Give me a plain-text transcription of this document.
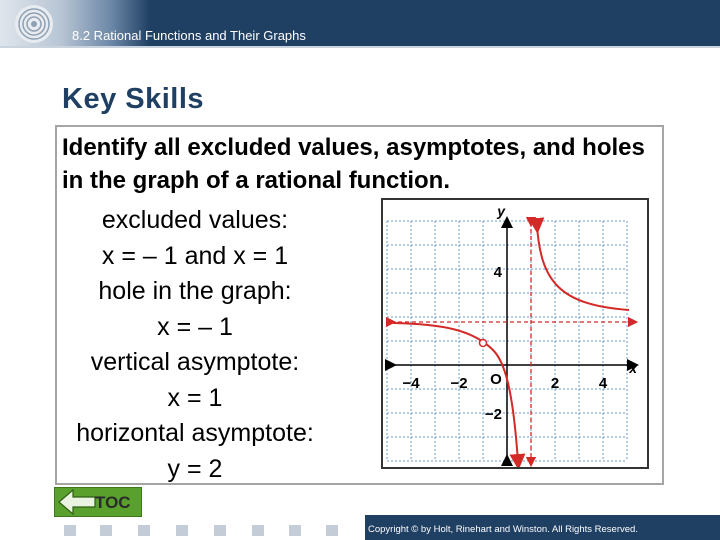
8.2 Rational Functions and Their Graphs
Key Skills
Identify all excluded values, asymptotes, and holes in the graph of a rational function.
excluded values:
x = – 1 and x = 1
hole in the graph:
x = – 1
vertical asymptote:
x = 1
horizontal asymptote:
y = 2
y
x
O
−4 −2	2	4
4
−2
TOC
Copyright © by Holt, Rinehart and Winston. All Rights Reserved.
